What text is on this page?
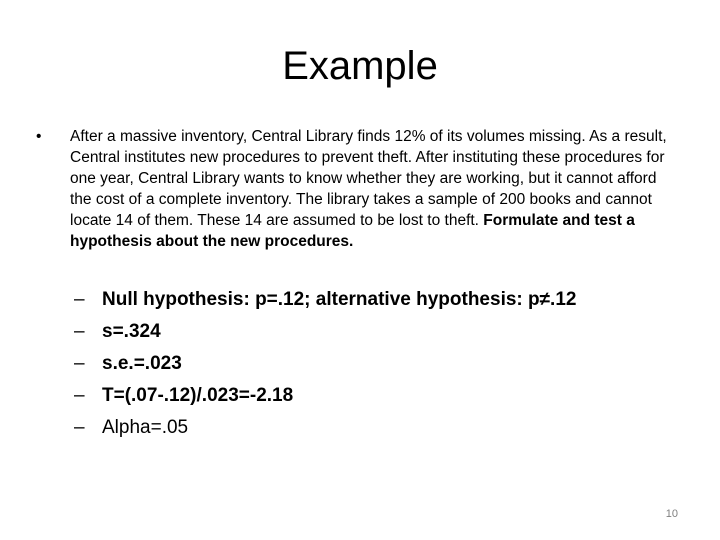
Example
•	After a massive inventory, Central Library finds 12% of its volumes missing. As a result, Central institutes new procedures to prevent theft. After instituting these procedures for one year, Central Library wants to know whether they are working, but it cannot afford the cost of a complete inventory. The library takes a sample of 200 books and cannot locate 14 of them. These 14 are assumed to be lost to theft. Formulate and test a hypothesis about the new procedures.
– Null hypothesis: p=.12; alternative hypothesis: p≠.12
– s=.324
– s.e.=.023
– T=(.07-.12)/.023=-2.18
– Alpha=.05
10
